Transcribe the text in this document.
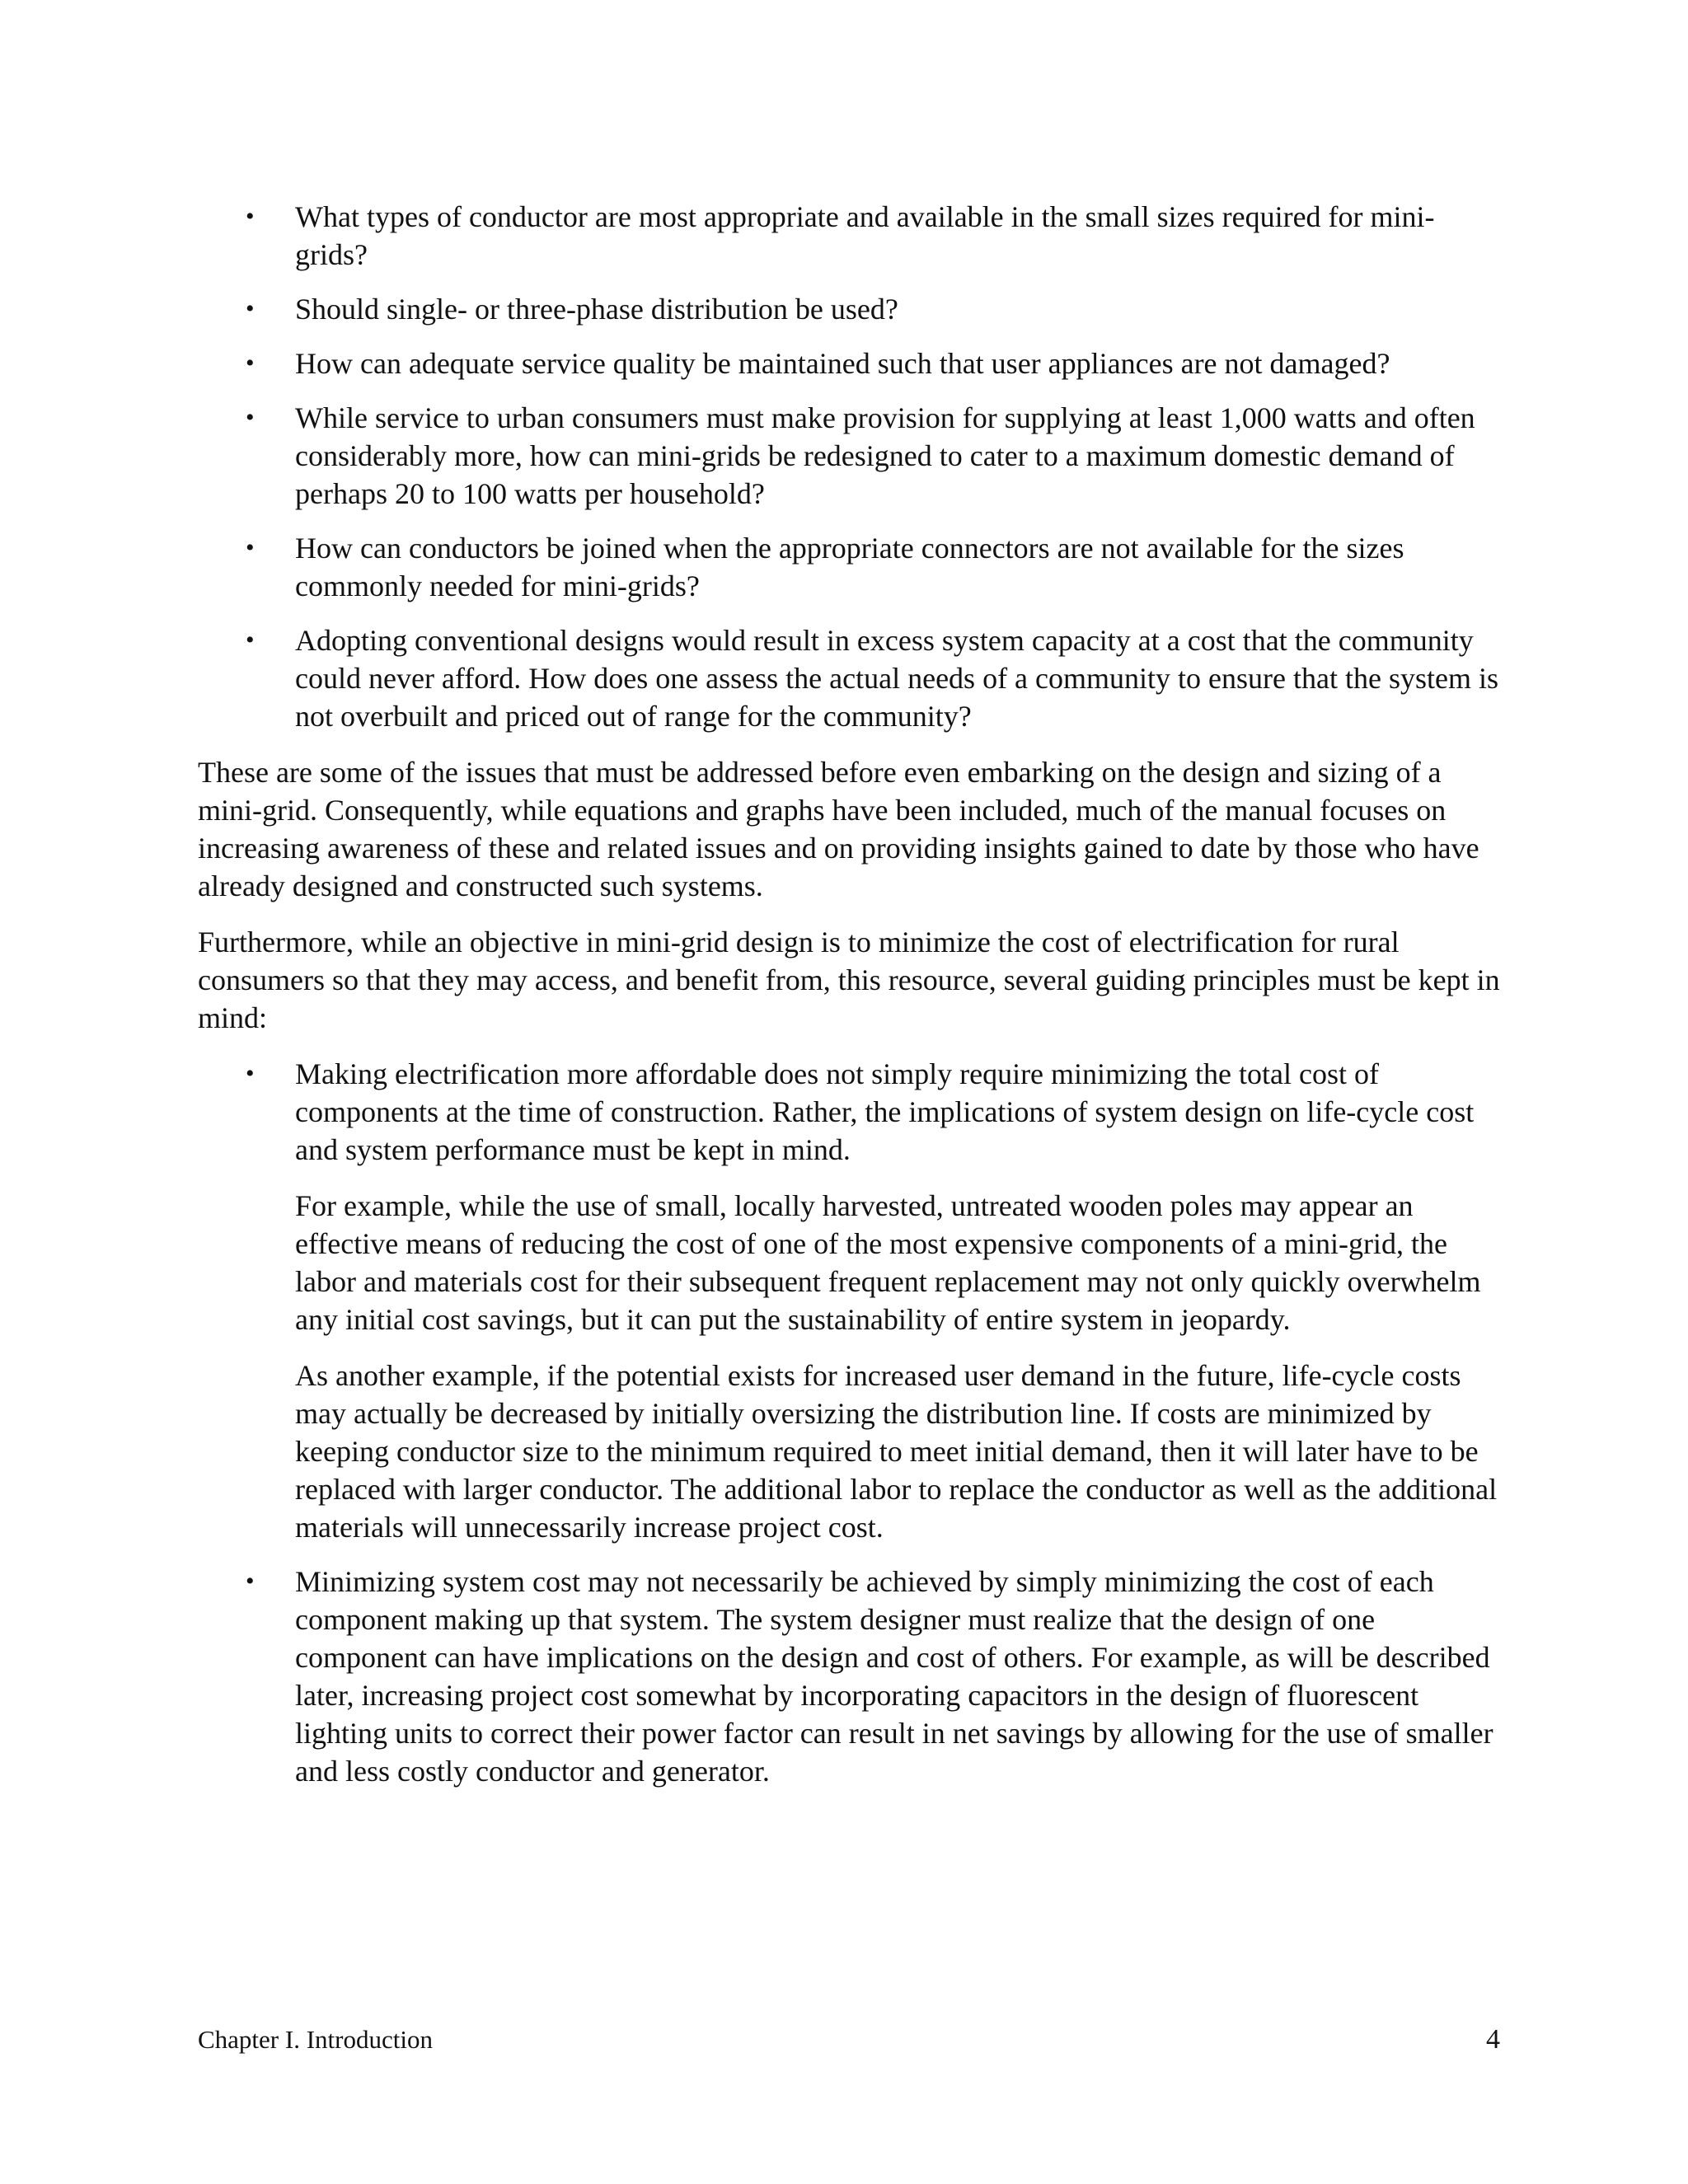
• What types of conductor are most appropriate and available in the small sizes required for mini-grids?
• Should single- or three-phase distribution be used?
• How can adequate service quality be maintained such that user appliances are not damaged?
• While service to urban consumers must make provision for supplying at least 1,000 watts and often considerably more, how can mini-grids be redesigned to cater to a maximum domestic demand of perhaps 20 to 100 watts per household?
• How can conductors be joined when the appropriate connectors are not available for the sizes commonly needed for mini-grids?
• Adopting conventional designs would result in excess system capacity at a cost that the community could never afford. How does one assess the actual needs of a community to ensure that the system is not overbuilt and priced out of range for the community?

These are some of the issues that must be addressed before even embarking on the design and sizing of a mini-grid. Consequently, while equations and graphs have been included, much of the manual focuses on increasing awareness of these and related issues and on providing insights gained to date by those who have already designed and constructed such systems.

Furthermore, while an objective in mini-grid design is to minimize the cost of electrification for rural consumers so that they may access, and benefit from, this resource, several guiding principles must be kept in mind:

• Making electrification more affordable does not simply require minimizing the total cost of components at the time of construction. Rather, the implications of system design on life-cycle cost and system performance must be kept in mind.

For example, while the use of small, locally harvested, untreated wooden poles may appear an effective means of reducing the cost of one of the most expensive components of a mini-grid, the labor and materials cost for their subsequent frequent replacement may not only quickly overwhelm any initial cost savings, but it can put the sustainability of entire system in jeopardy.

As another example, if the potential exists for increased user demand in the future, life-cycle costs may actually be decreased by initially oversizing the distribution line. If costs are minimized by keeping conductor size to the minimum required to meet initial demand, then it will later have to be replaced with larger conductor. The additional labor to replace the conductor as well as the additional materials will unnecessarily increase project cost.

• Minimizing system cost may not necessarily be achieved by simply minimizing the cost of each component making up that system. The system designer must realize that the design of one component can have implications on the design and cost of others. For example, as will be described later, increasing project cost somewhat by incorporating capacitors in the design of fluorescent lighting units to correct their power factor can result in net savings by allowing for the use of smaller and less costly conductor and generator.
Chapter I. Introduction	4
